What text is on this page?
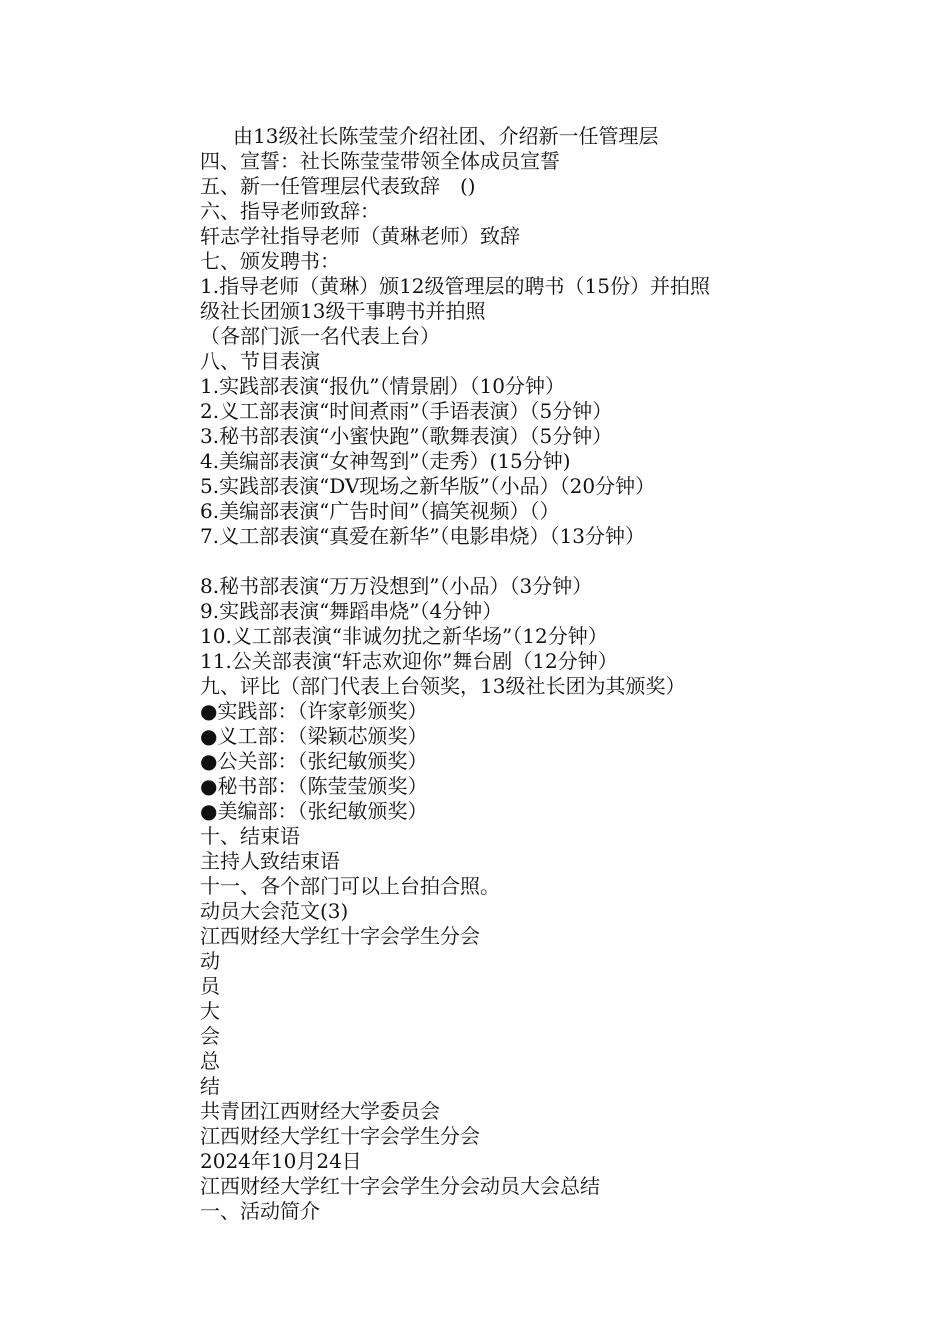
由13级社长陈莹莹介绍社团、介绍新一任管理层
四、宣誓：社长陈莹莹带领全体成员宣誓
五、新一任管理层代表致辞　()
六、指导老师致辞：
轩志学社指导老师（黄琳老师）致辞
七、颁发聘书：
1.指导老师（黄琳）颁12级管理层的聘书（15份）并拍照
级社长团颁13级干事聘书并拍照
（各部门派一名代表上台）
八、节目表演
1.实践部表演“报仇”（情景剧）（10分钟）
2.义工部表演“时间煮雨”（手语表演）（5分钟）
3.秘书部表演“小蜜快跑”（歌舞表演）（5分钟）
4.美编部表演“女神驾到”（走秀）(15分钟)
5.实践部表演“DV现场之新华版”（小品）（20分钟）
6.美编部表演“广告时间”（搞笑视频）（）
7.义工部表演“真爱在新华”（电影串烧）（13分钟）
8.秘书部表演“万万没想到”（小品）（3分钟）
9.实践部表演“舞蹈串烧”（4分钟）
10.义工部表演“非诚勿扰之新华场”（12分钟）
11.公关部表演“轩志欢迎你”舞台剧（12分钟）
九、评比（部门代表上台领奖，13级社长团为其颁奖）
●实践部：（许家彰颁奖）
●义工部：（梁颖芯颁奖）
●公关部：（张纪敏颁奖）
●秘书部：（陈莹莹颁奖）
●美编部：（张纪敏颁奖）
十、结束语
主持人致结束语
十一、各个部门可以上台拍合照。
动员大会范文(3)
江西财经大学红十字会学生分会
动
员
大
会
总
结
共青团江西财经大学委员会
江西财经大学红十字会学生分会
2024年10月24日
江西财经大学红十字会学生分会动员大会总结
一、活动简介
